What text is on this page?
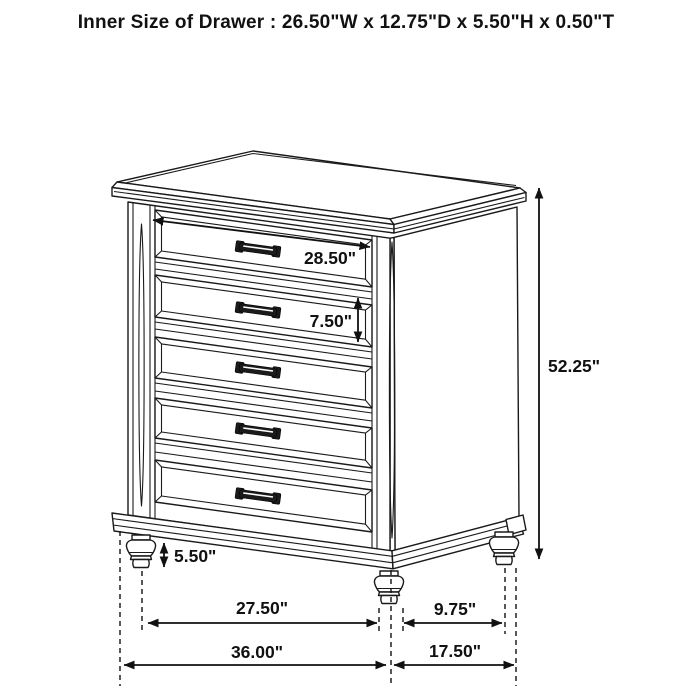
28.50"
7.50"
52.25"
5.50"
27.50"	9.75"
36.00"	17.50"
Inner Size of Drawer : 26.50"W x 12.75"D x 5.50"H x 0.50"T
